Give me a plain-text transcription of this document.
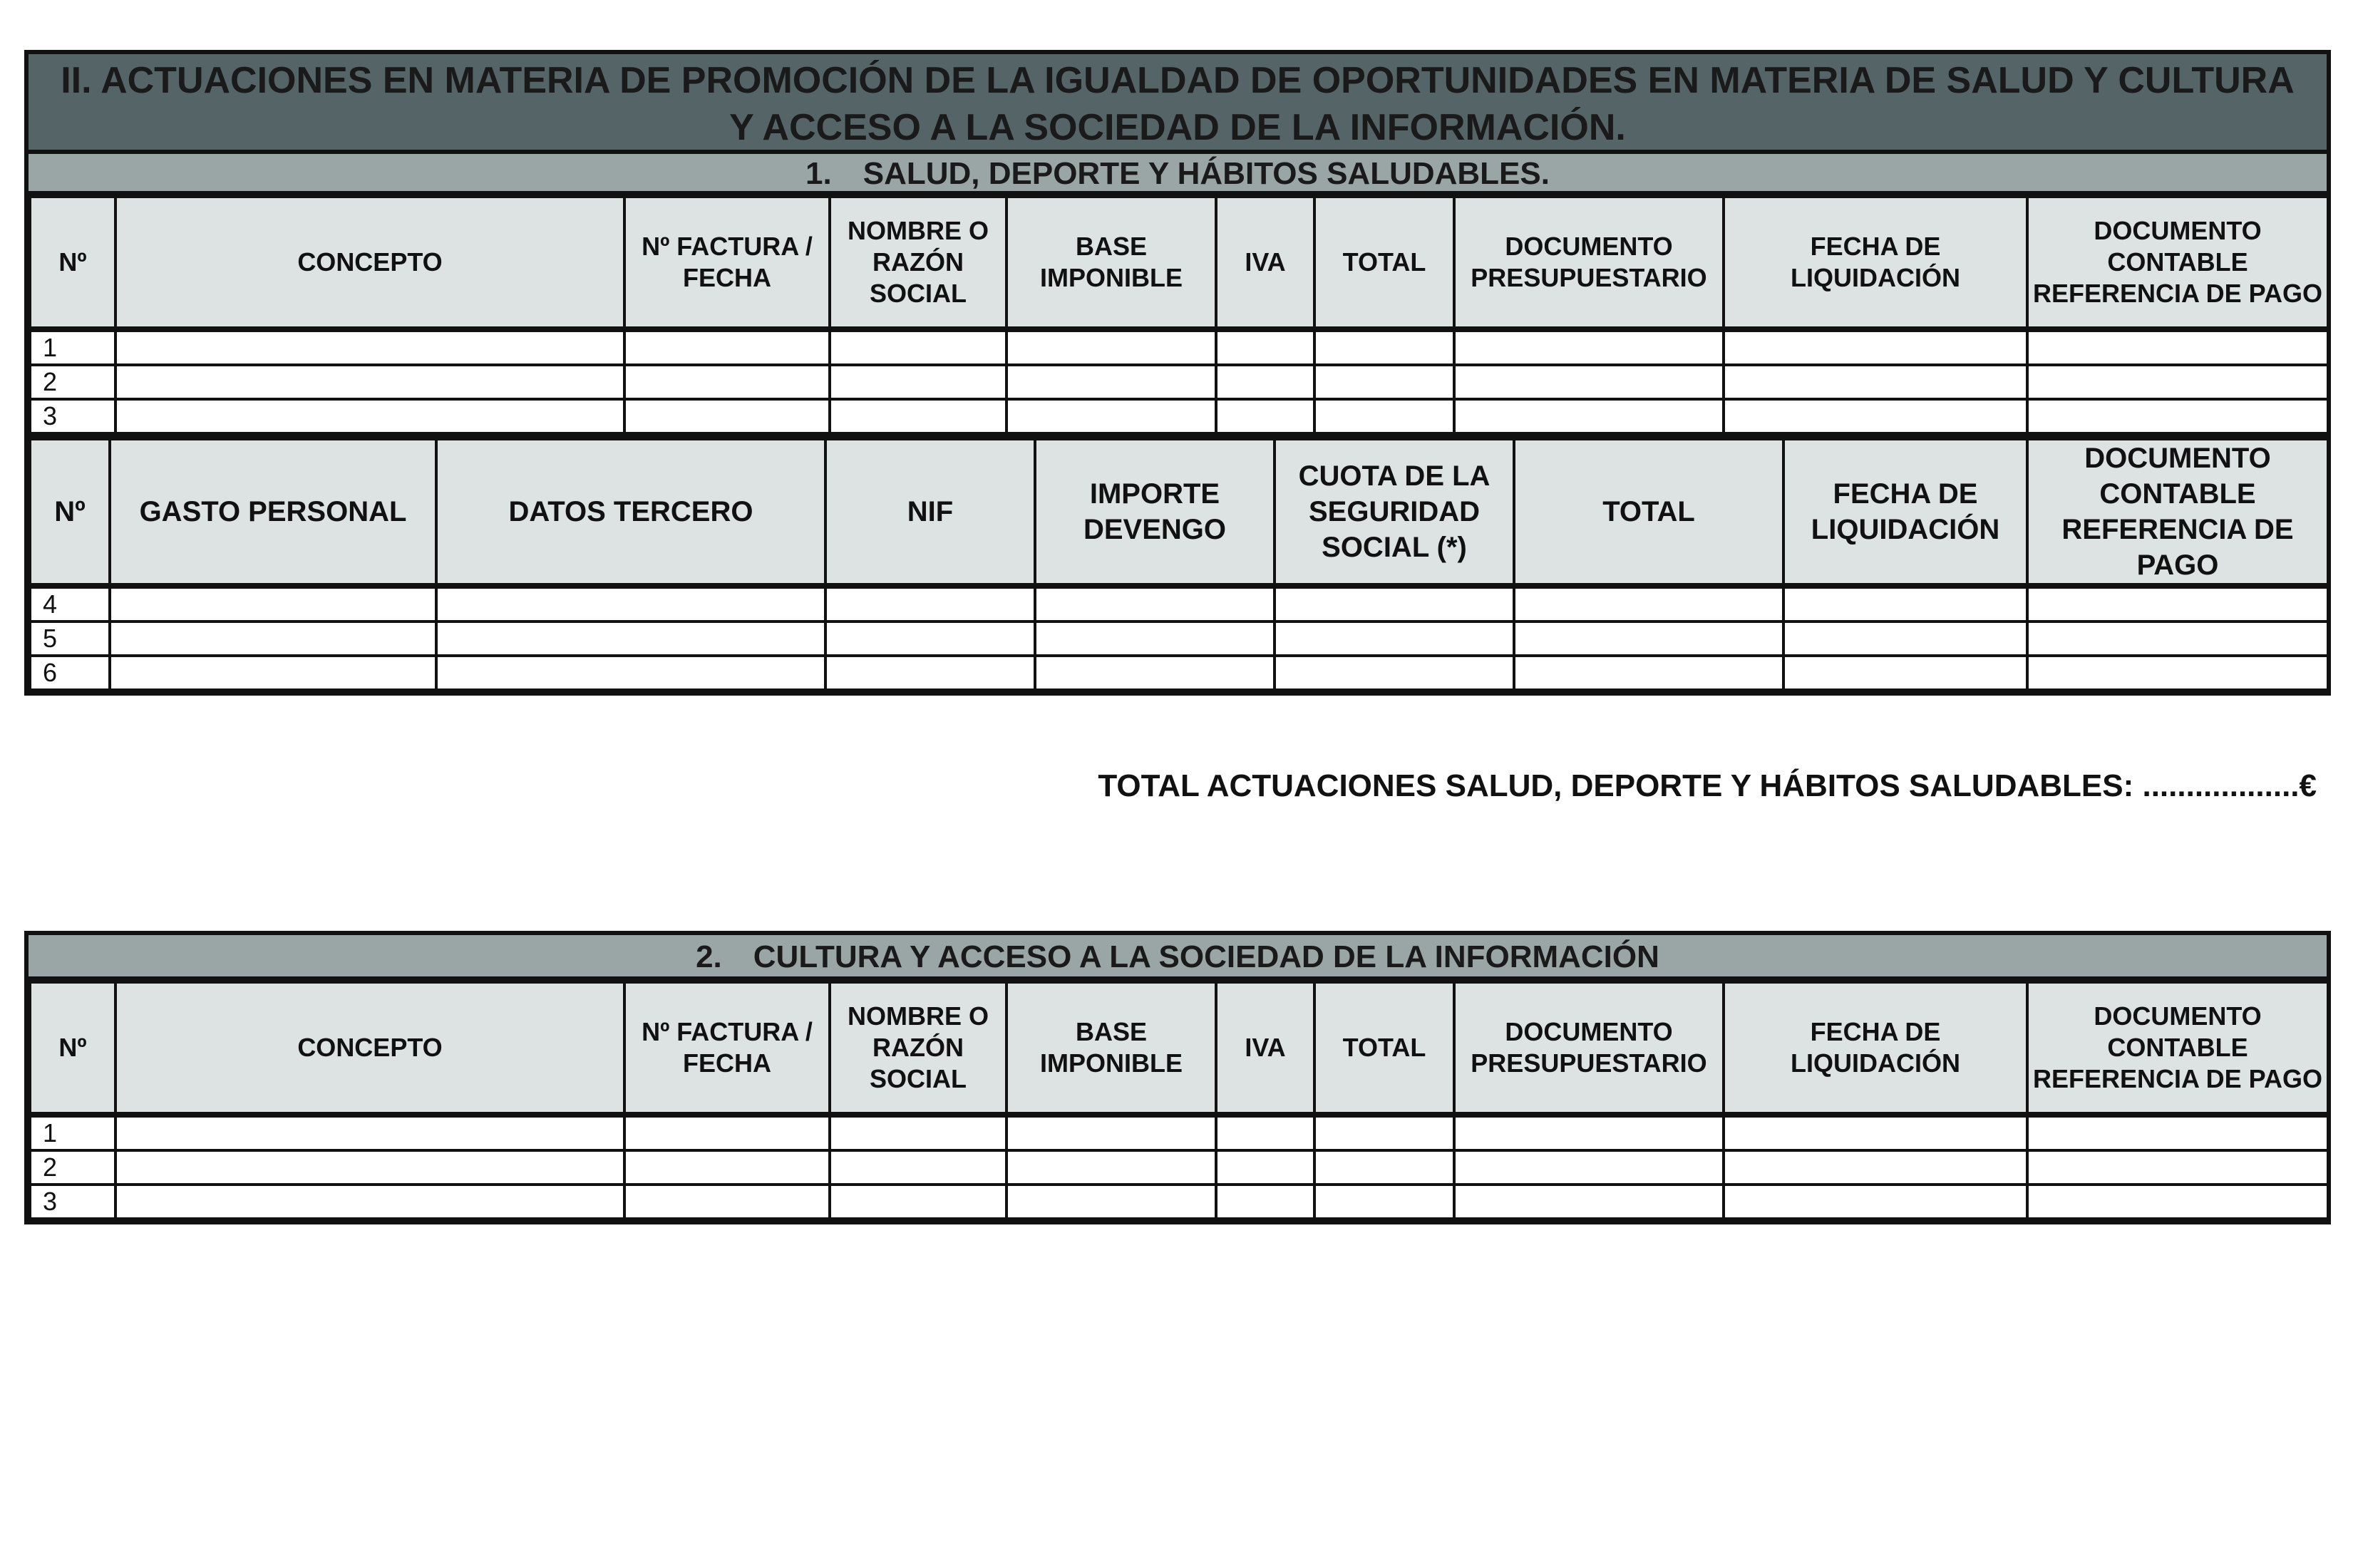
II. ACTUACIONES EN MATERIA DE PROMOCIÓN DE LA IGUALDAD DE OPORTUNIDADES EN MATERIA DE SALUD Y CULTURA Y ACCESO A LA SOCIEDAD DE LA INFORMACIÓN.
1. SALUD, DEPORTE Y HÁBITOS SALUDABLES.
Nº	CONCEPTO	Nº FACTURA / FECHA	NOMBRE O RAZÓN SOCIAL	BASE IMPONIBLE	IVA	TOTAL	DOCUMENTO PRESUPUESTARIO	FECHA DE LIQUIDACIÓN	DOCUMENTO CONTABLE REFERENCIA DE PAGO
1									
2									
3									
Nº	GASTO PERSONAL	DATOS TERCERO	NIF	IMPORTE DEVENGO	CUOTA DE LA SEGURIDAD SOCIAL (*)	TOTAL	FECHA DE LIQUIDACIÓN	DOCUMENTO CONTABLE REFERENCIA DE PAGO
4								
5								
6								
TOTAL ACTUACIONES SALUD, DEPORTE Y HÁBITOS SALUDABLES: ..................€
2. CULTURA Y ACCESO A LA SOCIEDAD DE LA INFORMACIÓN
Nº	CONCEPTO	Nº FACTURA / FECHA	NOMBRE O RAZÓN SOCIAL	BASE IMPONIBLE	IVA	TOTAL	DOCUMENTO PRESUPUESTARIO	FECHA DE LIQUIDACIÓN	DOCUMENTO CONTABLE REFERENCIA DE PAGO
1									
2									
3									
